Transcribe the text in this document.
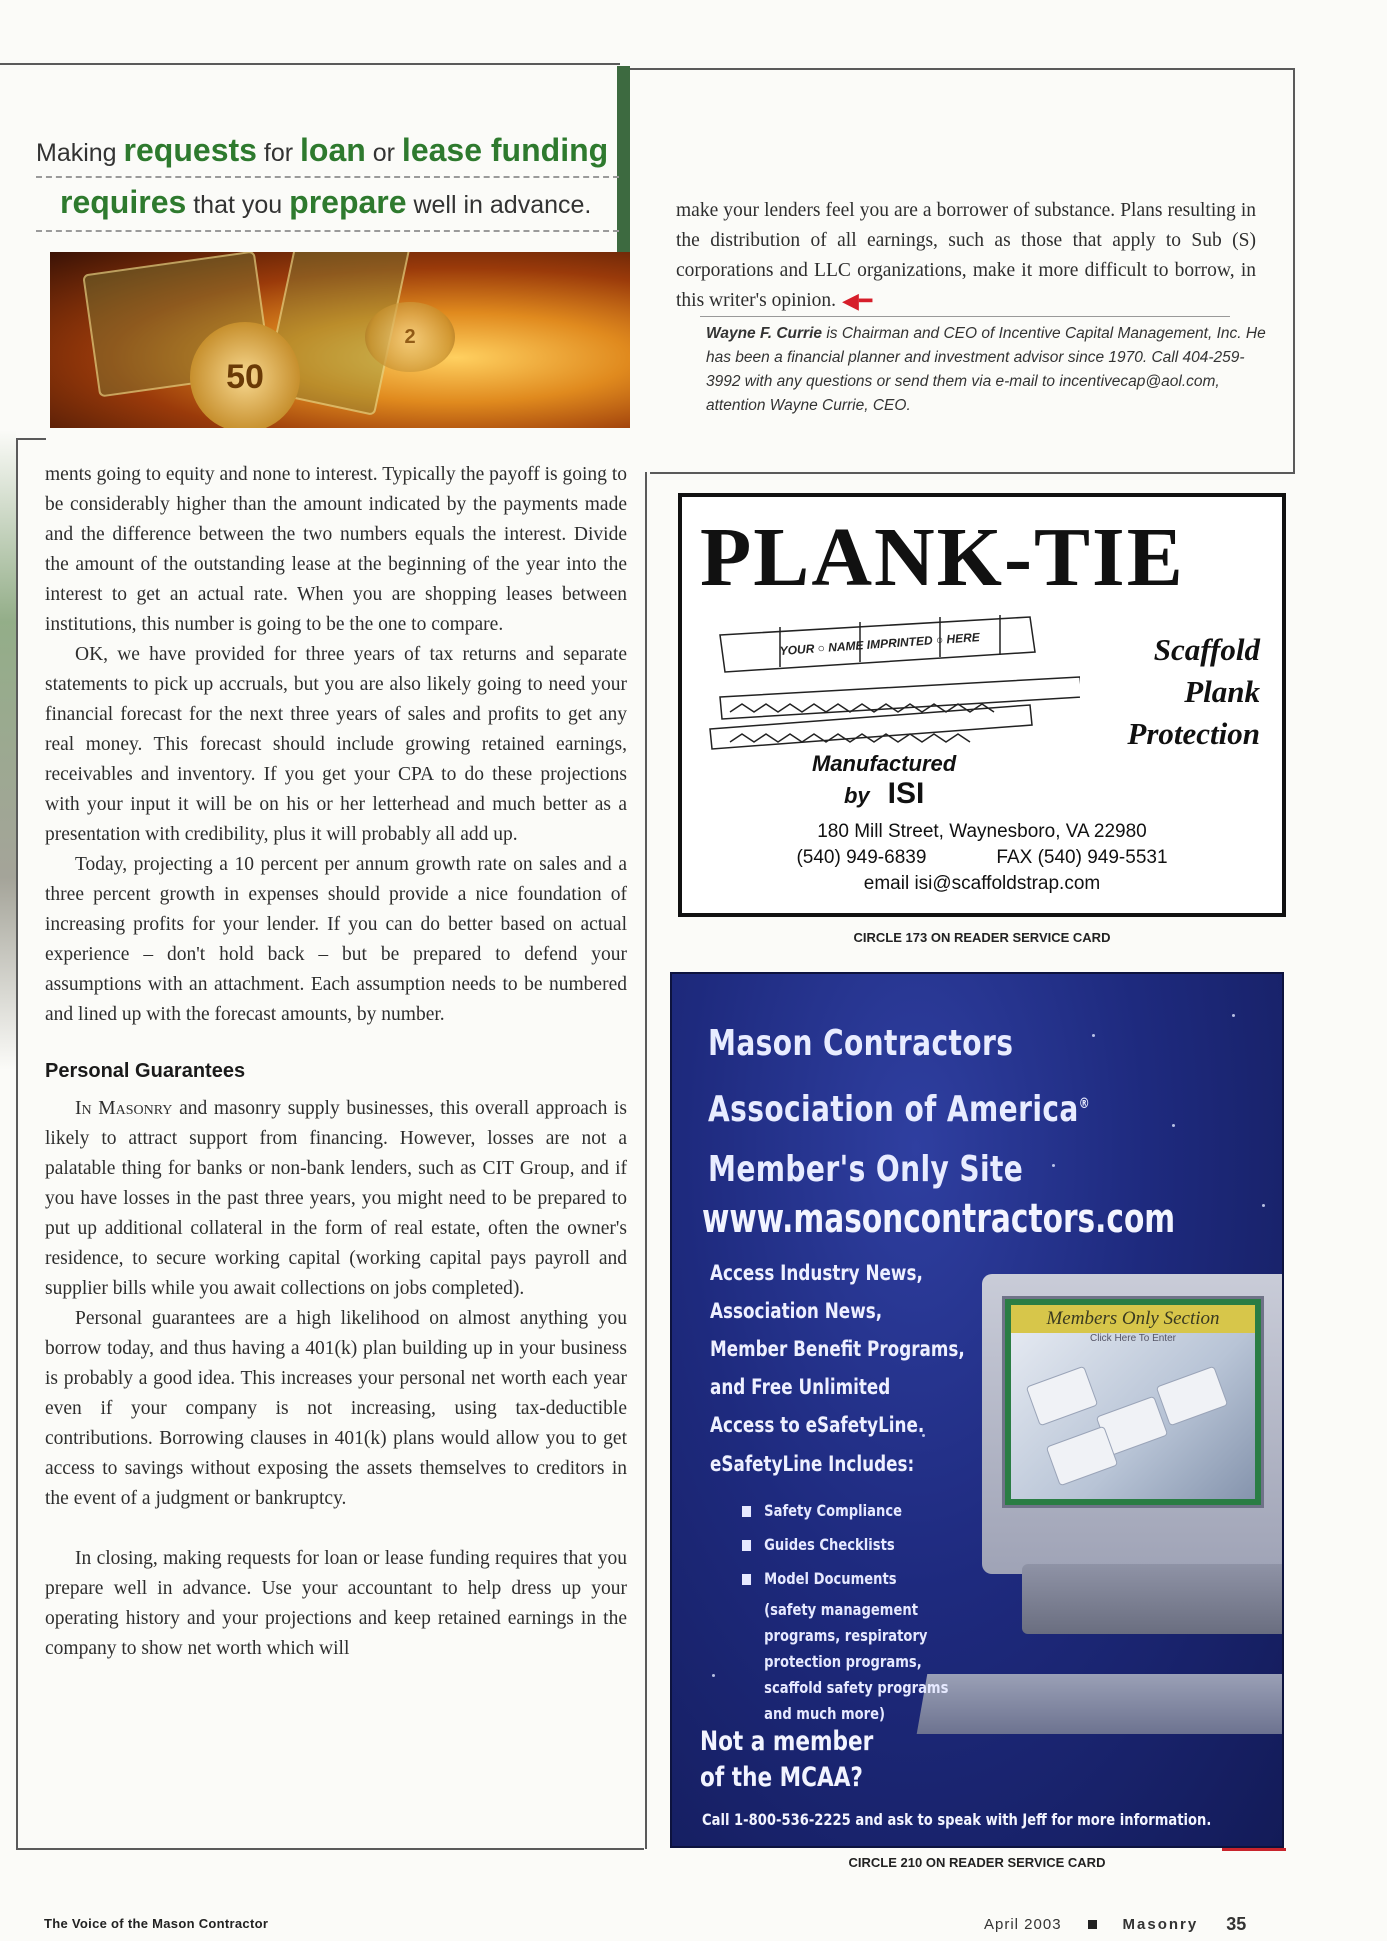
Making requests for loan or lease funding
requires that you prepare well in advance.
50
2

ments going to equity and none to interest. Typically the payoff is going to be considerably higher than the amount indicated by the payments made and the difference between the two numbers equals the interest. Divide the amount of the outstanding lease at the beginning of the year into the interest to get an actual rate. When you are shopping leases between institutions, this number is going to be the one to compare.

OK, we have provided for three years of tax returns and separate statements to pick up accruals, but you are also likely going to need your financial forecast for the next three years of sales and profits to get any real money. This forecast should include growing retained earnings, receivables and inventory. If you get your CPA to do these projections with your input it will be on his or her letterhead and much better as a presentation with credibility, plus it will probably all add up.

Today, projecting a 10 percent per annum growth rate on sales and a three percent growth in expenses should provide a nice foundation of increasing profits for your lender. If you can do better based on actual experience – don't hold back – but be prepared to defend your assumptions with an attachment. Each assumption needs to be numbered and lined up with the forecast amounts, by number.

Personal Guarantees

In Masonry and masonry supply businesses, this overall approach is likely to attract support from financing. However, losses are not a palatable thing for banks or non-bank lenders, such as CIT Group, and if you have losses in the past three years, you might need to be prepared to put up additional collateral in the form of real estate, often the owner's residence, to secure working capital (working capital pays payroll and supplier bills while you await collections on jobs completed).

Personal guarantees are a high likelihood on almost anything you borrow today, and thus having a 401(k) plan building up in your business is probably a good idea. This increases your personal net worth each year even if your company is not increasing, using tax-deductible contributions. Borrowing clauses in 401(k) plans would allow you to get access to savings without exposing the assets themselves to creditors in the event of a judgment or bankruptcy.

In closing, making requests for loan or lease funding requires that you prepare well in advance. Use your accountant to help dress up your operating history and your projections and keep retained earnings in the company to show net worth which will

make your lenders feel you are a borrower of substance. Plans resulting in the distribution of all earnings, such as those that apply to Sub (S) corporations and LLC organizations, make it more difficult to borrow, in this writer's opinion. ◀━

Wayne F. Currie is Chairman and CEO of Incentive Capital Management, Inc. He has been a financial planner and investment advisor since 1970. Call 404-259-3992 with any questions or send them via e-mail to incentivecap@aol.com, attention Wayne Currie, CEO.
PLANK-TIE
YOUR ○ NAME IMPRINTED ○ HERE	Scaffold
Plank
Protection
Manufactured
by ISI
180 Mill Street, Waynesboro, VA 22980
(540) 949-6839	FAX (540) 949-5531
email isi@scaffoldstrap.com
CIRCLE 173 ON READER SERVICE CARD
Members Only Section
Click Here To Enter
Mason Contractors
Association of America®
Member's Only Site
www.masoncontractors.com
Access Industry News,
Association News,
Member Benefit Programs,
and Free Unlimited
Access to eSafetyLine.
eSafetyLine Includes:
Safety Compliance
Guides Checklists
Model Documents
(safety management
programs, respiratory
protection programs,
scaffold safety programs
and much more)
Not a member
of the MCAA?
Call 1-800-536-2225 and ask to speak with Jeff for more information.
CIRCLE 210 ON READER SERVICE CARD
The Voice of the Mason Contractor	April 2003	Masonry 35
